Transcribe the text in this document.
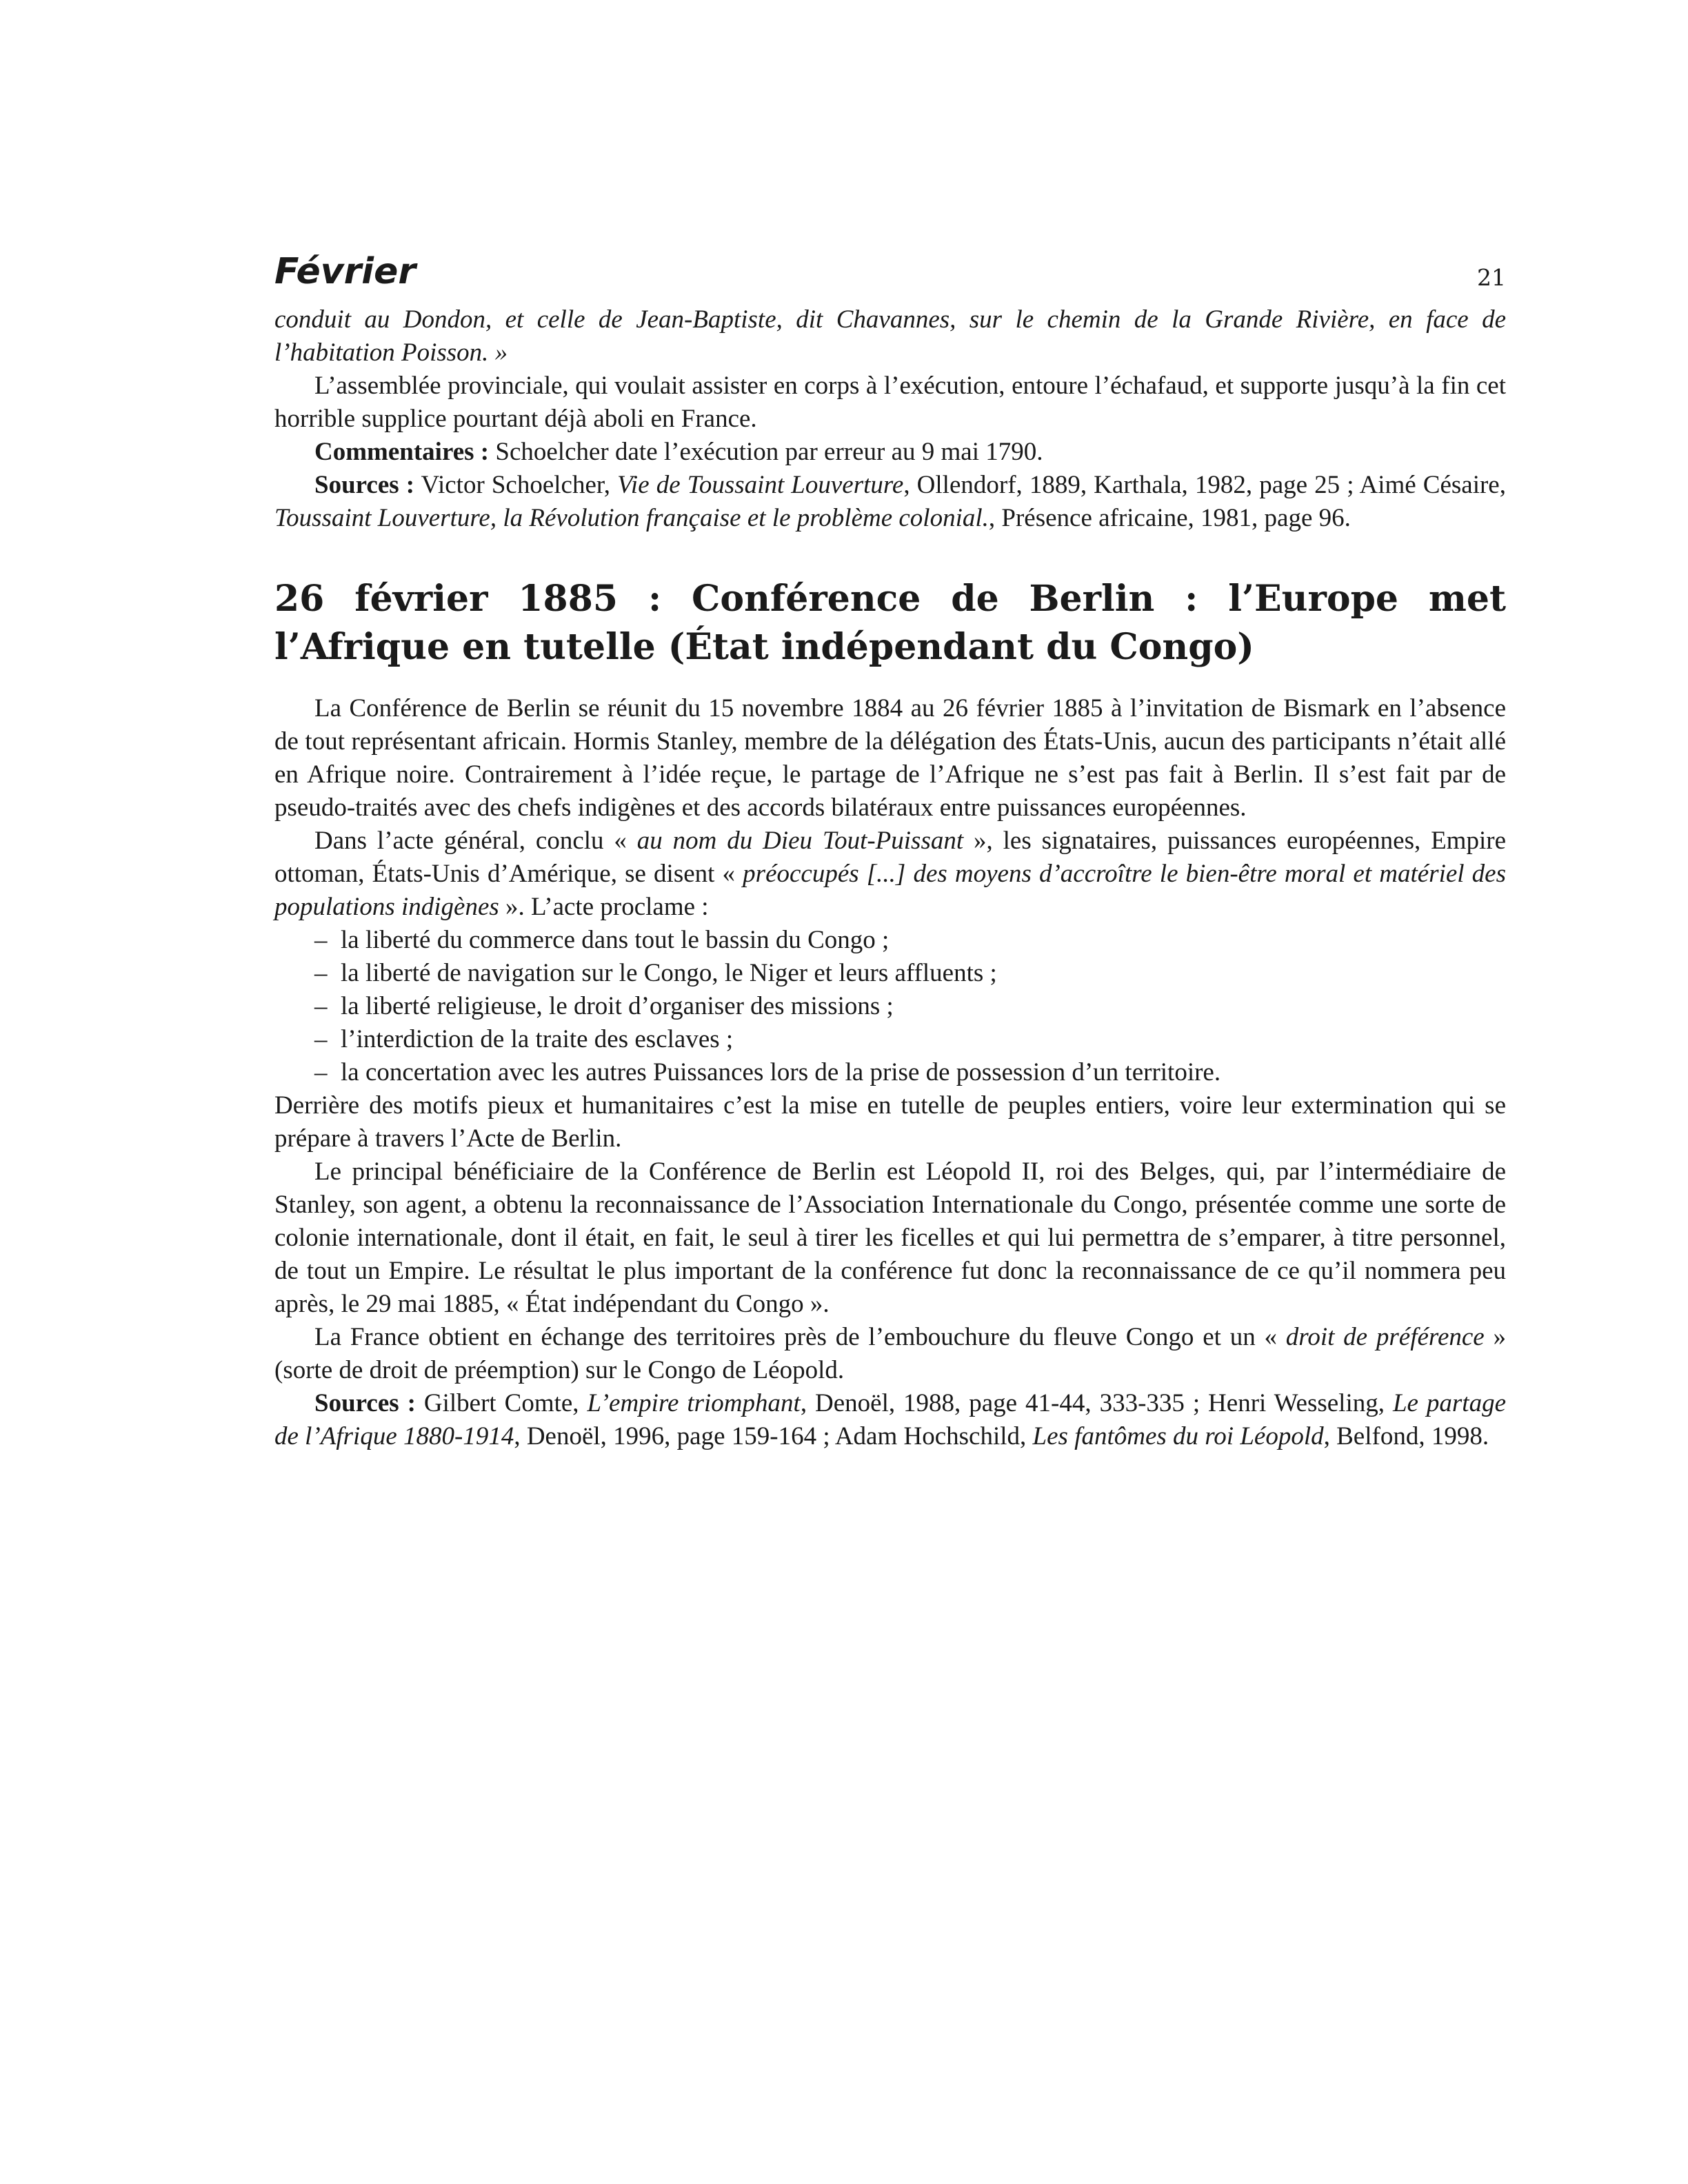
Février	21

conduit au Dondon, et celle de Jean-Baptiste, dit Chavannes, sur le chemin de la Grande Rivière, en face de l’habitation Poisson. »

L’assemblée provinciale, qui voulait assister en corps à l’exécution, entoure l’échafaud, et supporte jusqu’à la fin cet horrible supplice pourtant déjà aboli en France.

Commentaires : Schoelcher date l’exécution par erreur au 9 mai 1790.

Sources : Victor Schoelcher, Vie de Toussaint Louverture, Ollendorf, 1889, Karthala, 1982, page 25 ; Aimé Césaire, Toussaint Louverture, la Révolution française et le problème colonial., Présence africaine, 1981, page 96.

26 février 1885 : Conférence de Berlin : l’Europe met l’Afrique en tutelle (État indépendant du Congo)

La Conférence de Berlin se réunit du 15 novembre 1884 au 26 février 1885 à l’invitation de Bismark en l’absence de tout représentant africain. Hormis Stanley, membre de la délégation des États-Unis, aucun des participants n’était allé en Afrique noire. Contrairement à l’idée reçue, le partage de l’Afrique ne s’est pas fait à Berlin. Il s’est fait par de pseudo-traités avec des chefs indigènes et des accords bilatéraux entre puissances européennes.

Dans l’acte général, conclu « au nom du Dieu Tout-Puissant », les signataires, puissances européennes, Empire ottoman, États-Unis d’Amérique, se disent « préoccupés [...] des moyens d’accroître le bien-être moral et matériel des populations indigènes ». L’acte proclame :

– la liberté du commerce dans tout le bassin du Congo ;
– la liberté de navigation sur le Congo, le Niger et leurs affluents ;
– la liberté religieuse, le droit d’organiser des missions ;
– l’interdiction de la traite des esclaves ;
– la concertation avec les autres Puissances lors de la prise de possession d’un territoire.

Derrière des motifs pieux et humanitaires c’est la mise en tutelle de peuples entiers, voire leur extermination qui se prépare à travers l’Acte de Berlin.

Le principal bénéficiaire de la Conférence de Berlin est Léopold II, roi des Belges, qui, par l’intermédiaire de Stanley, son agent, a obtenu la reconnaissance de l’Association Internationale du Congo, présentée comme une sorte de colonie internationale, dont il était, en fait, le seul à tirer les ficelles et qui lui permettra de s’emparer, à titre personnel, de tout un Empire. Le résultat le plus important de la conférence fut donc la reconnaissance de ce qu’il nommera peu après, le 29 mai 1885, « État indépendant du Congo ».

La France obtient en échange des territoires près de l’embouchure du fleuve Congo et un « droit de préférence » (sorte de droit de préemption) sur le Congo de Léopold.

Sources : Gilbert Comte, L’empire triomphant, Denoël, 1988, page 41-44, 333-335 ; Henri Wesseling, Le partage de l’Afrique 1880-1914, Denoël, 1996, page 159-164 ; Adam Hochschild, Les fantômes du roi Léopold, Belfond, 1998.
